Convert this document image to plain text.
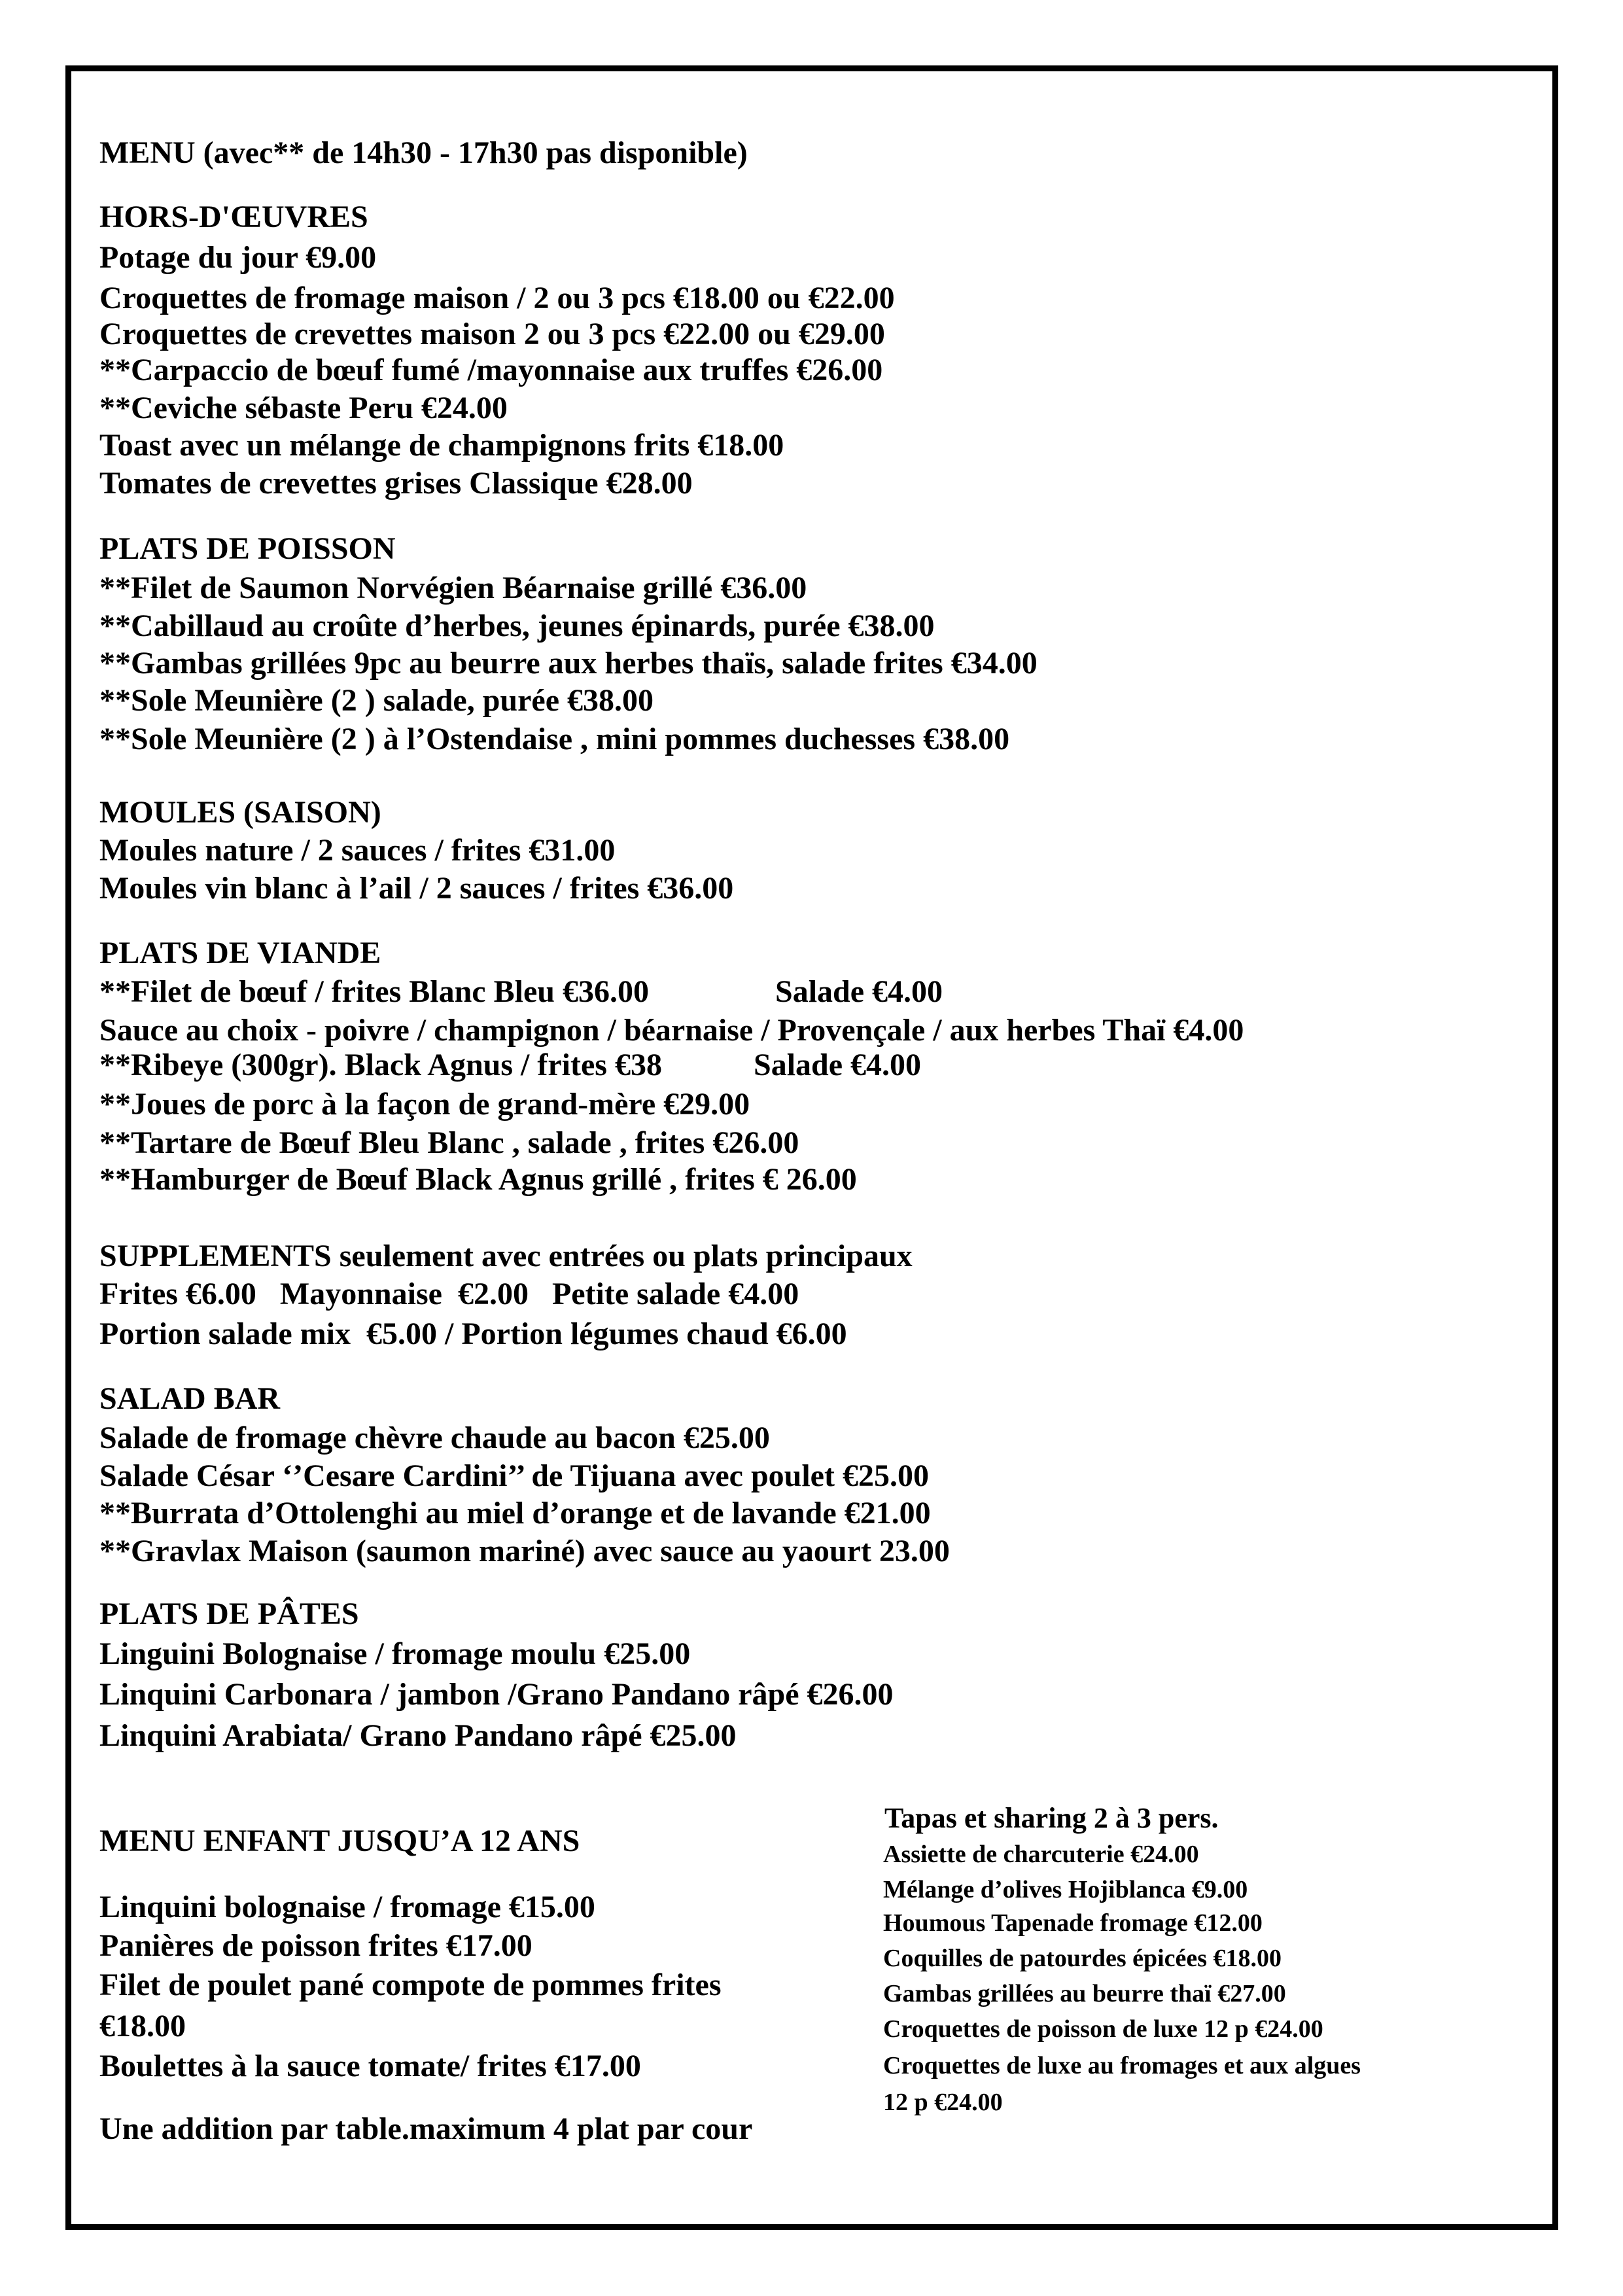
MENU (avec** de 14h30 - 17h30 pas disponible)

HORS-D'ŒUVRES

Potage du jour €9.00

Croquettes de fromage maison / 2 ou 3 pcs €18.00 ou €22.00

Croquettes de crevettes maison 2 ou 3 pcs €22.00 ou €29.00

**Carpaccio de bœuf fumé /mayonnaise aux truffes €26.00

**Ceviche sébaste Peru €24.00

Toast avec un mélange de champignons frits €18.00

Tomates de crevettes grises Classique €28.00

PLATS DE POISSON

**Filet de Saumon Norvégien Béarnaise grillé €36.00

**Cabillaud au croûte d’herbes, jeunes épinards, purée €38.00

**Gambas grillées 9pc au beurre aux herbes thaïs, salade frites €34.00

**Sole Meunière (2 ) salade, purée €38.00

**Sole Meunière (2 ) à l’Ostendaise , mini pommes duchesses €38.00

MOULES (SAISON)

Moules nature / 2 sauces / frites €31.00

Moules vin blanc à l’ail / 2 sauces / frites €36.00

PLATS DE VIANDE

**Filet de bœuf / frites Blanc Bleu €36.00	Salade €4.00

Sauce au choix - poivre / champignon / béarnaise / Provençale / aux herbes Thaï €4.00

**Ribeye (300gr). Black Agnus / frites €38	Salade €4.00

**Joues de porc à la façon de grand-mère €29.00

**Tartare de Bœuf Bleu Blanc , salade , frites €26.00

**Hamburger de Bœuf Black Agnus grillé , frites € 26.00

SUPPLEMENTS seulement avec entrées ou plats principaux

Frites €6.00   Mayonnaise  €2.00   Petite salade €4.00

Portion salade mix  €5.00 / Portion légumes chaud €6.00

SALAD BAR

Salade de fromage chèvre chaude au bacon €25.00

Salade César ‘’Cesare Cardini’’ de Tijuana avec poulet €25.00

**Burrata d’Ottolenghi au miel d’orange et de lavande €21.00

**Gravlax Maison (saumon mariné) avec sauce au yaourt 23.00

PLATS DE PÂTES

Linguini Bolognaise / fromage moulu €25.00

Linquini Carbonara / jambon /Grano Pandano râpé €26.00

Linquini Arabiata/ Grano Pandano râpé €25.00

MENU ENFANT JUSQU’A 12 ANS

Linquini bolognaise / fromage €15.00

Panières de poisson frites €17.00

Filet de poulet pané compote de pommes frites

€18.00

Boulettes à la sauce tomate/ frites €17.00

Une addition par table.maximum 4 plat par cour

Tapas et sharing 2 à 3 pers.

Assiette de charcuterie €24.00

Mélange d’olives Hojiblanca €9.00

Houmous Tapenade fromage €12.00

Coquilles de patourdes épicées €18.00

Gambas grillées au beurre thaï €27.00

Croquettes de poisson de luxe 12 p €24.00

Croquettes de luxe au fromages et aux algues

12 p €24.00
